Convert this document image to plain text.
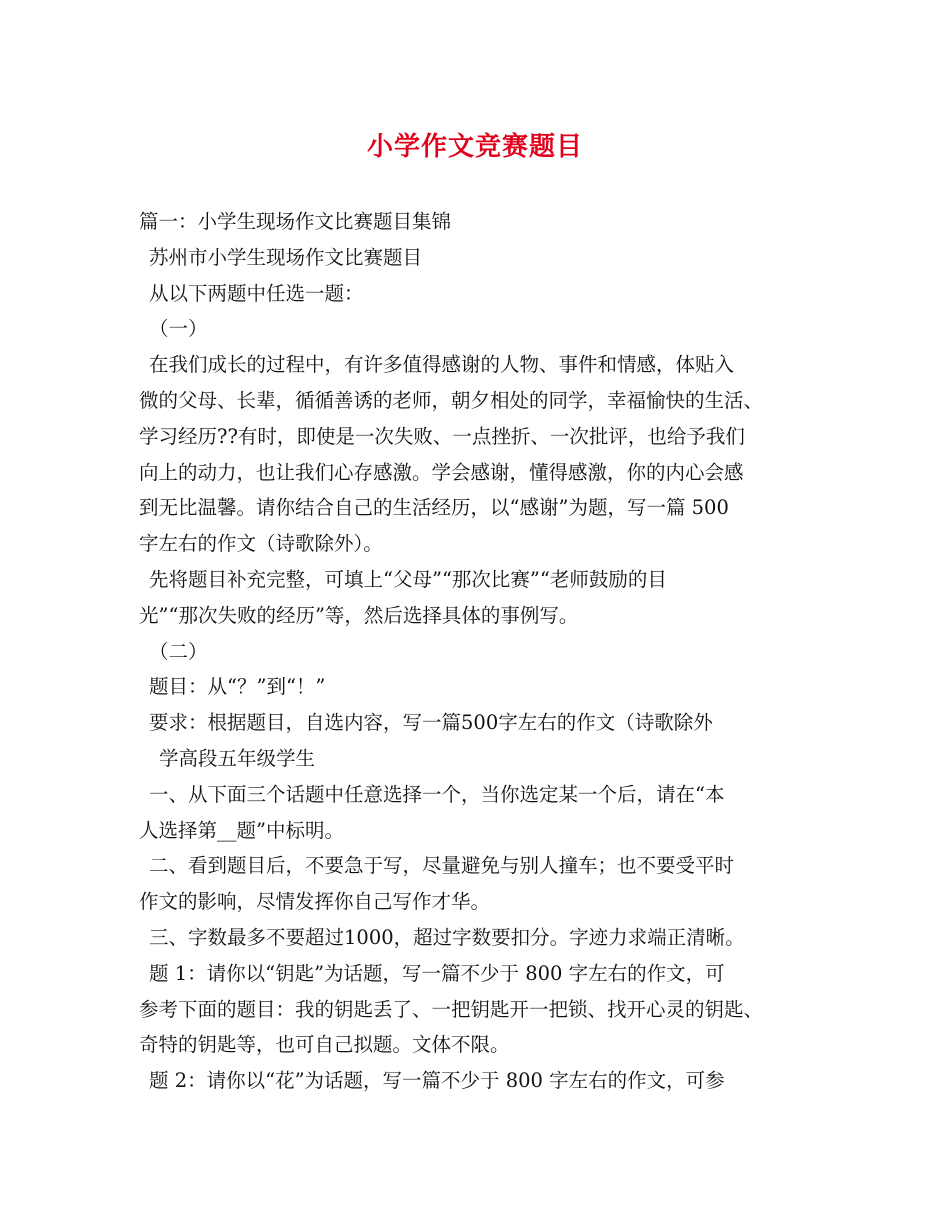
小学作文竞赛题目
篇一：小学生现场作文比赛题目集锦
苏州市小学生现场作文比赛题目
从以下两题中任选一题：
（一）
在我们成长的过程中，有许多值得感谢的人物、事件和情感，体贴入
微的父母、长辈，循循善诱的老师，朝夕相处的同学，幸福愉快的生活、
学习经历??有时，即使是一次失败、一点挫折、一次批评，也给予我们
向上的动力，也让我们心存感激。学会感谢，懂得感激，你的内心会感
到无比温馨。请你结合自己的生活经历，以“感谢”为题，写一篇 500
字左右的作文（诗歌除外）。
先将题目补充完整，可填上“父母”“那次比赛”“老师鼓励的目
光”“那次失败的经历”等，然后选择具体的事例写。
（二）
题目：从“？”到“！”
要求：根据题目，自选内容，写一篇500字左右的作文（诗歌除外
学高段五年级学生
一、从下面三个话题中任意选择一个，当你选定某一个后，请在“本
人选择第__题”中标明。
二、看到题目后，不要急于写，尽量避免与别人撞车；也不要受平时
作文的影响，尽情发挥你自己写作才华。
三、字数最多不要超过1000，超过字数要扣分。字迹力求端正清晰。
题 1：请你以“钥匙”为话题，写一篇不少于 800 字左右的作文，可
参考下面的题目：我的钥匙丢了、一把钥匙开一把锁、找开心灵的钥匙、
奇特的钥匙等，也可自己拟题。文体不限。
题 2：请你以“花”为话题，写一篇不少于 800 字左右的作文，可参
